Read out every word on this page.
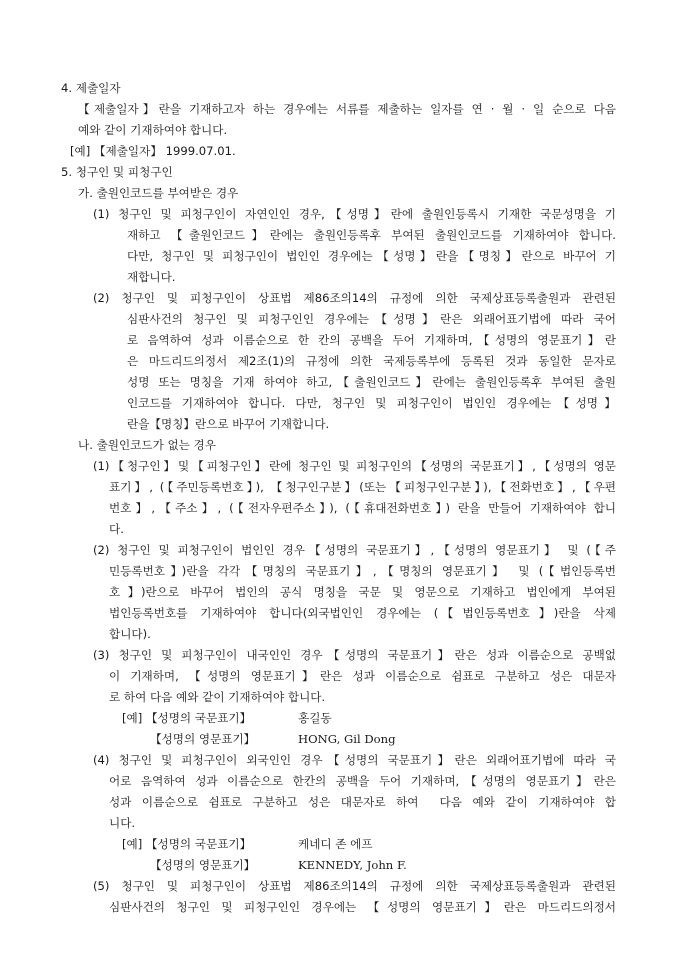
4. 제출일자
【제출일자】란을 기재하고자 하는 경우에는 서류를 제출하는 일자를 연 · 월 · 일 순으로 다음
예와 같이 기재하여야 합니다.
[예] 【제출일자】 1999.07.01.
5. 청구인 및 피청구인
가. 출원인코드를 부여받은 경우
(1) 청구인 및 피청구인이 자연인인 경우,【성명】란에 출원인등록시 기재한 국문성명을 기
재하고 【출원인코드】란에는 출원인등록후 부여된 출원인코드를 기재하여야 합니다.
다만, 청구인 및 피청구인이 법인인 경우에는【성명】란을【명칭】란으로 바꾸어 기
재합니다.
(2) 청구인 및 피청구인이 상표법 제86조의14의 규정에 의한 국제상표등록출원과 관련된
심판사건의 청구인 및 피청구인인 경우에는【성명】란은 외래어표기법에 따라 국어
로 음역하여 성과 이름순으로 한 칸의 공백을 두어 기재하며,【성명의 영문표기】란
은 마드리드의정서 제2조(1)의 규정에 의한 국제등록부에 등록된 것과 동일한 문자로
성명 또는 명칭을 기재 하여야 하고,【출원인코드】란에는 출원인등록후 부여된 출원
인코드를 기재하여야 합니다. 다만, 청구인 및 피청구인이 법인인 경우에는【성명】
란을【명칭】란으로 바꾸어 기재합니다.
나. 출원인코드가 없는 경우
(1)【청구인】및【피청구인】란에 청구인 및 피청구인의【성명의 국문표기】,【성명의 영문
표기】, (【주민등록번호】), 【청구인구분】(또는【피청구인구분】),【전화번호】,【우편
번호】,【주소】, (【전자우편주소】), (【휴대전화번호】) 란을 만들어 기재하여야 합니
다.
(2) 청구인 및 피청구인이 법인인 경우【성명의 국문표기】,【성명의 영문표기】 및 (【주
민등록번호】)란을 각각【명칭의 국문표기】,【명칭의 영문표기】 및 (【법인등록번
호】)란으로 바꾸어 법인의 공식 명칭을 국문 및 영문으로 기재하고 법인에게 부여된
법인등록번호를 기재하여야 합니다(외국법인인 경우에는 (【법인등록번호】)란을 삭제
합니다).
(3) 청구인 및 피청구인이 내국인인 경우【성명의 국문표기】란은 성과 이름순으로 공백없
이 기재하며, 【성명의 영문표기】란은 성과 이름순으로 쉼표로 구분하고 성은 대문자
로 하여 다음 예와 같이 기재하여야 합니다.
[예] 【성명의 국문표기】	홍길동
【성명의 영문표기】	HONG, Gil Dong
(4) 청구인 및 피청구인이 외국인인 경우【성명의 국문표기】란은 외래어표기법에 따라 국
어로 음역하여 성과 이름순으로 한칸의 공백을 두어 기재하며,【성명의 영문표기】란은
성과 이름순으로 쉼표로 구분하고 성은 대문자로 하여  다음 예와 같이 기재하여야 합
니다.
[예] 【성명의 국문표기】	케네디 존 에프
【성명의 영문표기】	KENNEDY, John F.
(5) 청구인 및 피청구인이 상표법 제86조의14의 규정에 의한 국제상표등록출원과 관련된
심판사건의 청구인 및 피청구인인 경우에는 【성명의 영문표기】란은 마드리드의정서
